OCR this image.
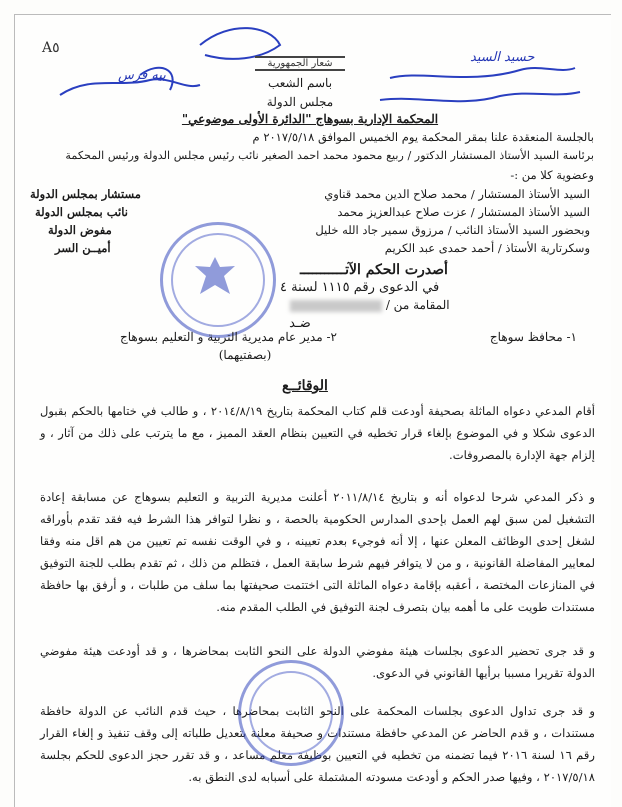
A٥
بيه فرس
حسيد السيد
شعار الجمهورية
باسم الشعب
مجلس الدولة
المحكمة الإدارية بسوهاج "الدائرة الأولى موضوعي"
بالجلسة المنعقدة علنا بمقر المحكمة يوم الخميس الموافق ٢٠١٧/٥/١٨ م
برئاسة السيد الأستاذ المستشار الدكتور / ربيع محمود محمد احمد الصغير نائب رئيس مجلس الدولة ورئيس المحكمة
وعضوية كلا من :-
السيد الأستاذ المستشار / محمد صلاح الدين محمد قناوي
مستشار بمجلس الدولة
السيد الأستاذ المستشار / عزت صلاح عبدالعزيز محمد
نائب بمجلس الدولة
وبحضور السيد الأستاذ النائب / مرزوق سمير جاد الله خليل
مفوض الدولة
وسكرتارية الأستاذ / أحمد حمدى عبد الكريم
أميــن السر
أصدرت الحكم الآتـــــــــــ
في الدعوى رقم ١١١٥ لسنة ٤
المقامة من /
ضـد
١- محافظ سوهاج
٢- مدير عام مديرية التربية و التعليم بسوهاج
(بصفتيهما)
الوقائــع

أقام المدعي دعواه الماثلة بصحيفة أودعت قلم كتاب المحكمة بتاريخ ٢٠١٤/٨/١٩ ، و طالب في ختامها بالحكم بقبول الدعوى شكلا و في الموضوع بإلغاء قرار تخطيه في التعيين بنظام العقد المميز ، مع ما يترتب على ذلك من آثار ، و إلزام جهة الإدارة بالمصروفات.

و ذكر المدعي شرحا لدعواه أنه و بتاريخ ٢٠١١/٨/١٤ أعلنت مديرية التربية و التعليم بسوهاج عن مسابقة إعادة التشغيل لمن سبق لهم العمل بإحدى المدارس الحكومية بالحصة ، و نظرا لتوافر هذا الشرط فيه فقد تقدم بأوراقه لشغل إحدى الوظائف المعلن عنها ، إلا أنه فوجيء بعدم تعيينه ، و في الوقت نفسه تم تعيين من هم اقل منه وفقا لمعايير المفاضلة القانونية ، و من لا يتوافر فيهم شرط سابقة العمل ، فتظلم من ذلك ، ثم تقدم بطلب للجنة التوفيق في المنازعات المختصة ، أعقبه بإقامة دعواه الماثلة التى اختتمت صحيفتها بما سلف من طلبات ، و أرفق بها حافظة مستندات طويت على ما أهمه بيان بتصرف لجنة التوفيق في الطلب المقدم منه.

و قد جرى تحضير الدعوى بجلسات هيئة مفوضي الدولة على النحو الثابت بمحاضرها ، و قد أودعت هيئة مفوضي الدولة تقريرا مسببا برأيها القانوني في الدعوى.

و قد جرى تداول الدعوى بجلسات المحكمة على النحو الثابت بمحاضرها ، حيث قدم النائب عن الدولة حافظة مستندات ، و قدم الحاضر عن المدعي حافظة مستندات و صحيفة معلنة بتعديل طلباته إلى وقف تنفيذ و إلغاء القرار رقم ١٦ لسنة ٢٠١٦ فيما تضمنه من تخطيه في التعيين بوظيفة معلم مساعد ، و قد تقرر حجز الدعوى للحكم بجلسة ٢٠١٧/٥/١٨ ، وفيها صدر الحكم و أودعت مسودته المشتملة على أسبابه لدى النطق به.
